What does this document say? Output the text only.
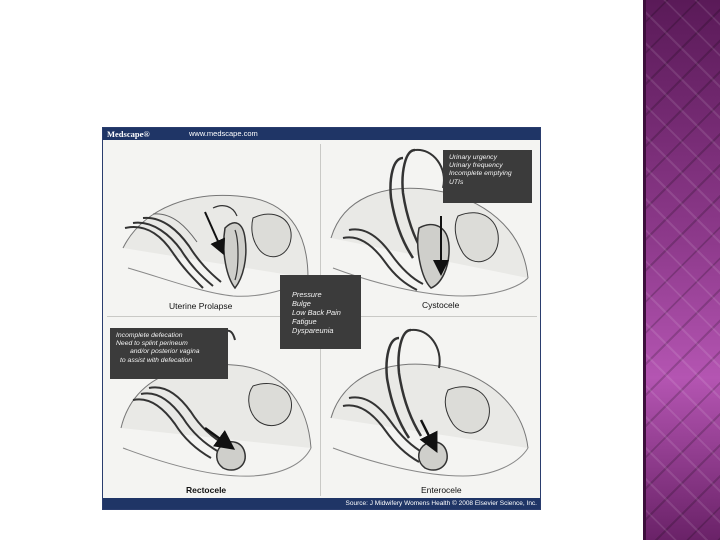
Medscape®	www.medscape.com
Uterine Prolapse	Cystocele
Rectocele	Enterocele
Urinary urgency
Urinary frequency
Incomplete emptying
UTIs
Incomplete defecation
Need to splint perineum
and/or posterior vagina
to assist with defecation
Pressure
Bulge
Low Back Pain
Fatigue
Dyspareunia
Source: J Midwifery Womens Health © 2008 Elsevier Science, Inc.
